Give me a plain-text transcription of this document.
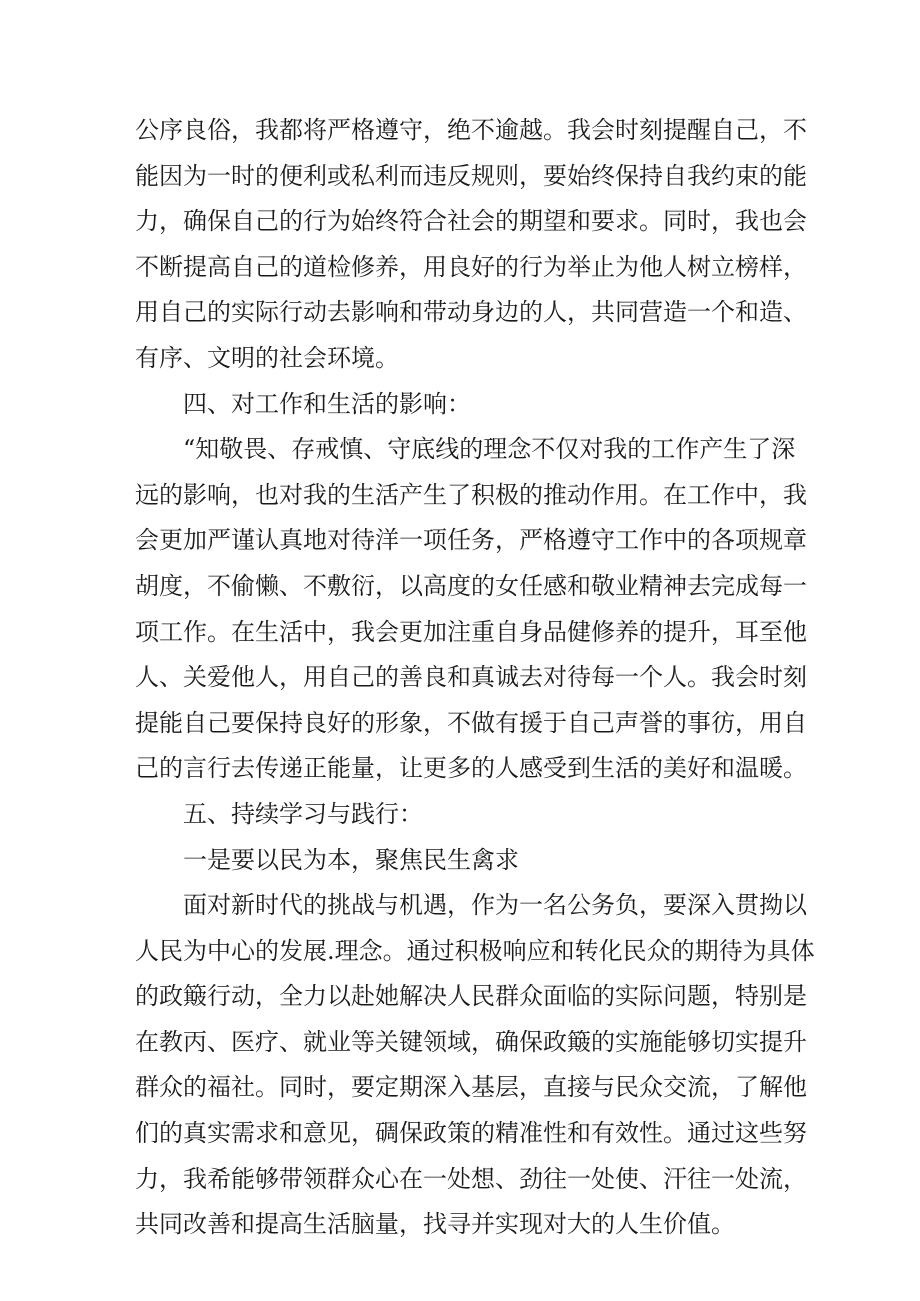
公序良俗，我都将严格遵守，绝不逾越。我会时刻提醒自己，不
能因为一时的便利或私利而违反规则，要始终保持自我约束的能
力，确保自己的行为始终符合社会的期望和要求。同时，我也会
不断提高自己的道检修养，用良好的行为举止为他人树立榜样，
用自己的实际行动去影响和带动身边的人，共同营造一个和造、
有序、文明的社会环境。
四、对工作和生活的影响：
“知敬畏、存戒慎、守底线的理念不仅对我的工作产生了深
远的影响，也对我的生活产生了积极的推动作用。在工作中，我
会更加严谨认真地对待洋一项任务，严格遵守工作中的各项规章
胡度，不偷懒、不敷衍，以高度的女任感和敬业精神去完成每一
项工作。在生活中，我会更加注重自身品健修养的提升，耳至他
人、关爱他人，用自己的善良和真诚去对待每一个人。我会时刻
提能自己要保持良好的形象，不做有援于自己声誉的事彷，用自
己的言行去传递正能量，让更多的人感受到生活的美好和温暖。
五、持续学习与践行：
一是要以民为本，聚焦民生禽求
面对新时代的挑战与机遇，作为一名公务负，要深入贯拗以
人民为中心的发展.理念。通过积极响应和转化民众的期待为具体
的政簸行动，全力以赴她解决人民群众面临的实际问题，特别是
在教丙、医疗、就业等关键领域，确保政簸的实施能够切实提升
群众的福社。同时，要定期深入基层，直接与民众交流，了解他
们的真实需求和意见，碉保政策的精准性和有效性。通过这些努
力，我希能够带领群众心在一处想、劲往一处使、汗往一处流，
共同改善和提高生活脑量，找寻并实现对大的人生价值。
